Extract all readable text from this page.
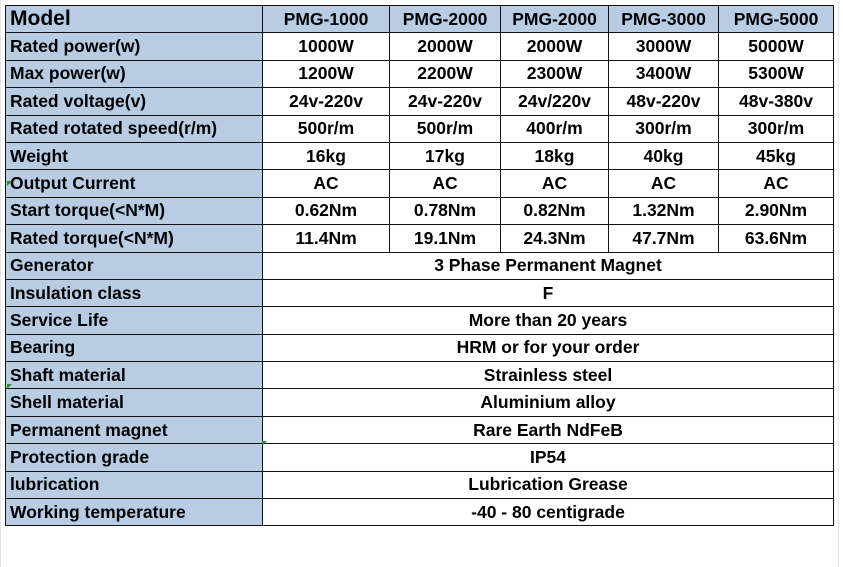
Model	PMG-1000	PMG-2000	PMG-2000	PMG-3000	PMG-5000
Rated power(w)	1000W	2000W	2000W	3000W	5000W
Max power(w)	1200W	2200W	2300W	3400W	5300W
Rated voltage(v)	24v-220v	24v-220v	24v/220v	48v-220v	48v-380v
Rated rotated speed(r/m)	500r/m	500r/m	400r/m	300r/m	300r/m
Weight	16kg	17kg	18kg	40kg	45kg
Output Current	AC	AC	AC	AC	AC
Start torque(<N*M)	0.62Nm	0.78Nm	0.82Nm	1.32Nm	2.90Nm
Rated torque(<N*M)	11.4Nm	19.1Nm	24.3Nm	47.7Nm	63.6Nm
Generator	3 Phase Permanent Magnet				
Insulation class	F				
Service Life	More than 20 years				
Bearing	HRM or for your order				
Shaft material	Strainless steel				
Shell material	Aluminium alloy				
Permanent magnet	Rare Earth NdFeB				
Protection grade	IP54				
lubrication	Lubrication Grease				
Working temperature	-40 - 80 centigrade				
